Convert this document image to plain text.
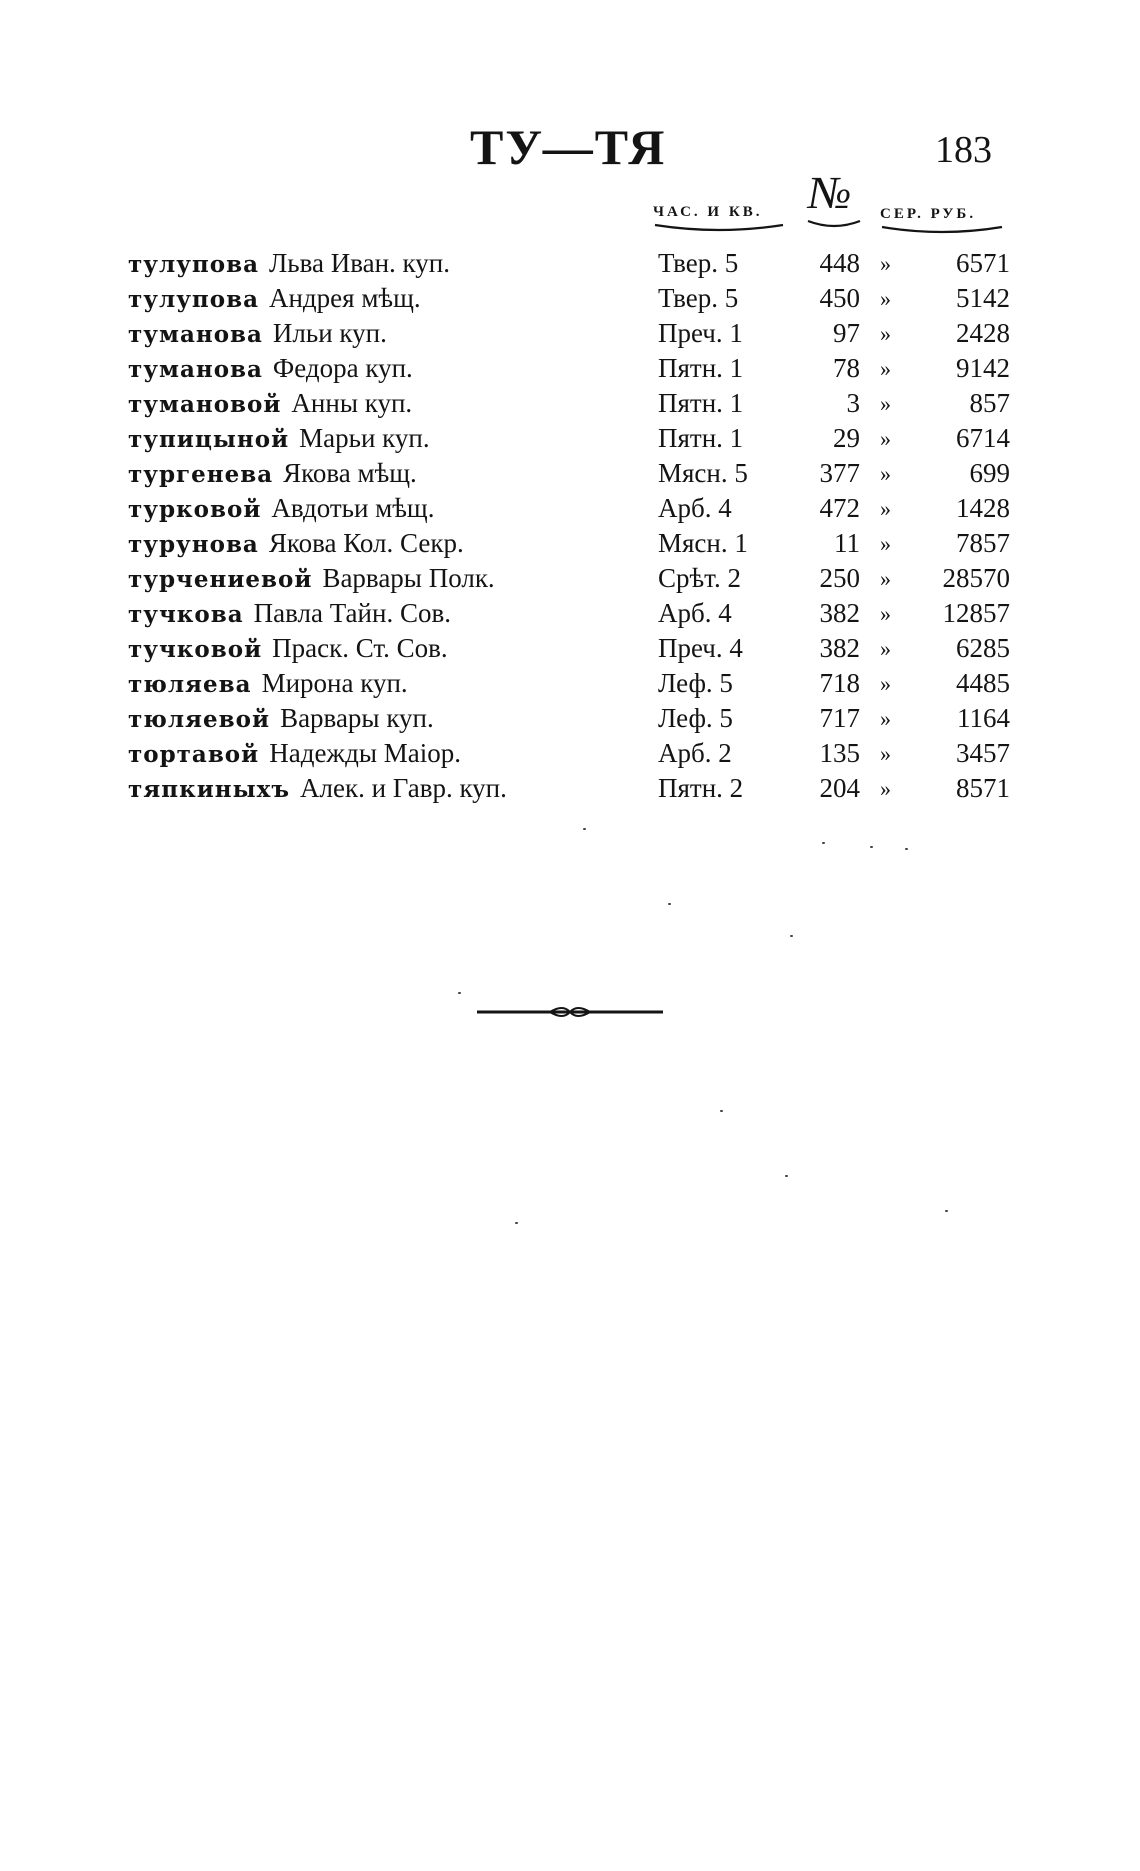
ТУ—ТЯ	183
ЧАС. И КВ. №	СЕР. РУБ.
тулупова Льва Иван. куп.	Твер. 5	448 »	6571
тулупова Андрея мѣщ.	Твер. 5	450 »	5142
туманова Ильи куп.	Преч. 1	97 »	2428
туманова Федора куп.	Пятн. 1	78 »	9142
тумановой Анны куп.	Пятн. 1	3 »	857
тупицыной Марьи куп.	Пятн. 1	29 »	6714
тургенева Якова мѣщ.	Мясн. 5	377 »	699
турковой Авдотьи мѣщ.	Арб. 4	472 »	1428
турунова Якова Кол. Секр.	Мясн. 1	11 »	7857
турчениевой Варвары Полк.	Срѣт. 2	250 »	28570
тучкова Павла Тайн. Сов.	Арб. 4	382 »	12857
тучковой Праск. Ст. Сов.	Преч. 4	382 »	6285
тюляева Мирона куп.	Леф. 5	718 »	4485
тюляевой Варвары куп.	Леф. 5	717 »	1164
тортавой Надежды Маіор.	Арб. 2	135 »	3457
тяпкиныхъ Алек. и Гавр. куп.	Пятн. 2	204 »	8571
